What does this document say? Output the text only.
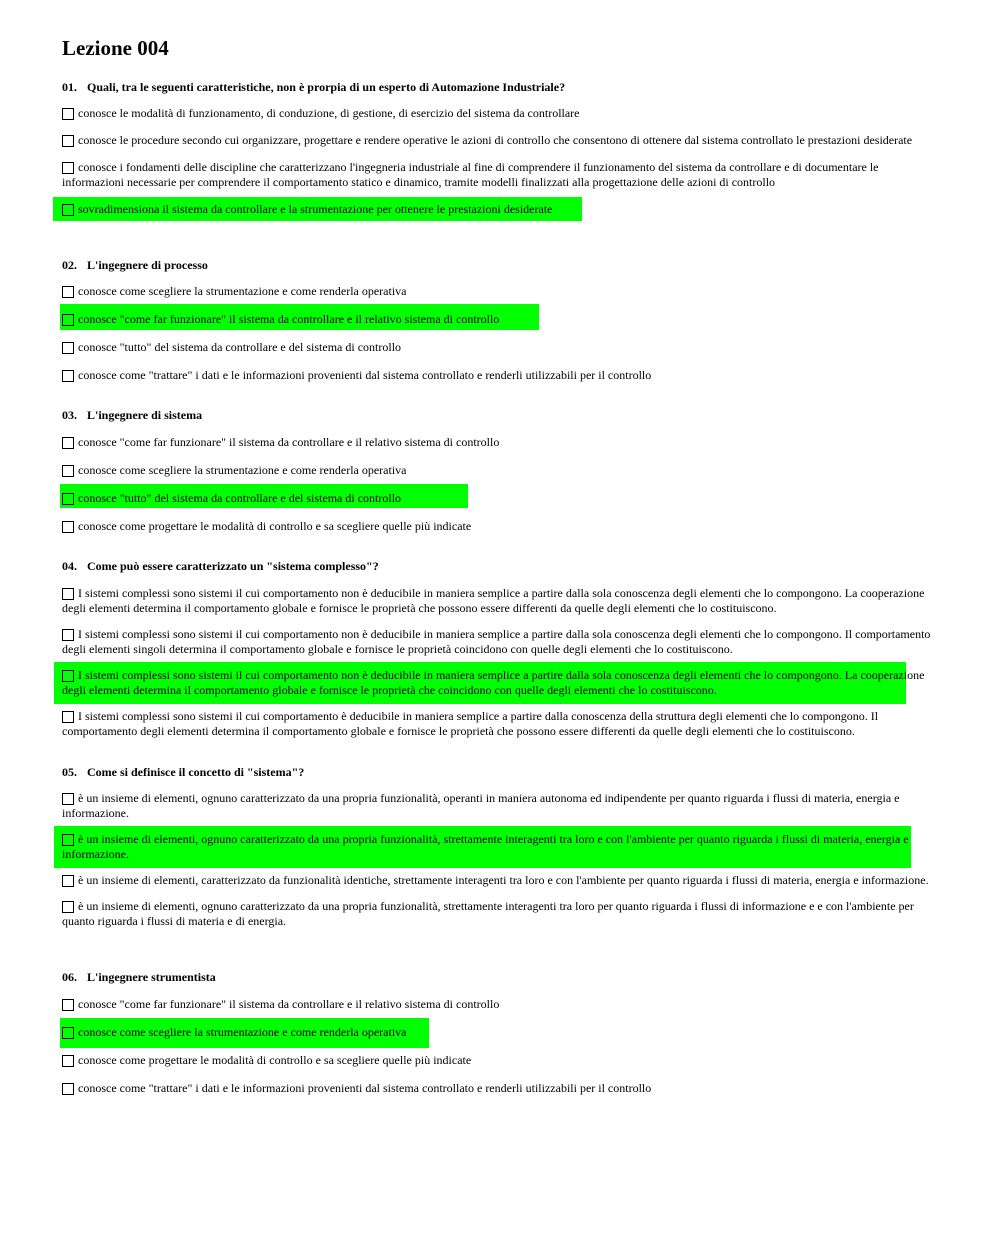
Lezione 004

01. Quali, tra le seguenti caratteristiche, non è prorpia di un esperto di Automazione Industriale?

conosce le modalità di funzionamento, di conduzione, di gestione, di esercizio del sistema da controllare
conosce le procedure secondo cui organizzare, progettare e rendere operative le azioni di controllo che consentono di ottenere dal sistema controllato le prestazioni desiderate
conosce i fondamenti delle discipline che caratterizzano l'ingegneria industriale al fine di comprendere il funzionamento del sistema da controllare e di documentare le informazioni necessarie per comprendere il comportamento statico e dinamico, tramite modelli finalizzati alla progettazione delle azioni di controllo
sovradimensiona il sistema da controllare e la strumentazione per ottenere le prestazioni desiderate

02. L'ingegnere di processo

conosce come scegliere la strumentazione e come renderla operativa
conosce "come far funzionare" il sistema da controllare e il relativo sistema di controllo
conosce "tutto" del sistema da controllare e del sistema di controllo
conosce come "trattare" i dati e le informazioni provenienti dal sistema controllato e renderli utilizzabili per il controllo

03. L'ingegnere di sistema

conosce "come far funzionare" il sistema da controllare e il relativo sistema di controllo
conosce come scegliere la strumentazione e come renderla operativa
conosce "tutto" del sistema da controllare e del sistema di controllo
conosce come progettare le modalità di controllo e sa scegliere quelle più indicate

04. Come può essere caratterizzato un "sistema complesso"?

I sistemi complessi sono sistemi il cui comportamento non è deducibile in maniera semplice a partire dalla sola conoscenza degli elementi che lo compongono. La cooperazione degli elementi determina il comportamento globale e fornisce le proprietà che possono essere differenti da quelle degli elementi che lo costituiscono.
I sistemi complessi sono sistemi il cui comportamento non è deducibile in maniera semplice a partire dalla sola conoscenza degli elementi che lo compongono. Il comportamento degli elementi singoli determina il comportamento globale e fornisce le proprietà coincidono con quelle degli elementi che lo costituiscono.
I sistemi complessi sono sistemi il cui comportamento non è deducibile in maniera semplice a partire dalla sola conoscenza degli elementi che lo compongono. La cooperazione degli elementi determina il comportamento globale e fornisce le proprietà che coincidono con quelle degli elementi che lo costituiscono.
I sistemi complessi sono sistemi il cui comportamento è deducibile in maniera semplice a partire dalla conoscenza della struttura degli elementi che lo compongono. Il comportamento degli elementi determina il comportamento globale e fornisce le proprietà che possono essere differenti da quelle degli elementi che lo costituiscono.

05. Come si definisce il concetto di "sistema"?

è un insieme di elementi, ognuno caratterizzato da una propria funzionalità, operanti in maniera autonoma ed indipendente per quanto riguarda i flussi di materia, energia e informazione.
è un insieme di elementi, ognuno caratterizzato da una propria funzionalità, strettamente interagenti tra loro e con l'ambiente per quanto riguarda i flussi di materia, energia e informazione.
è un insieme di elementi, caratterizzato da funzionalità identiche, strettamente interagenti tra loro e con l'ambiente per quanto riguarda i flussi di materia, energia e informazione.
è un insieme di elementi, ognuno caratterizzato da una propria funzionalità, strettamente interagenti tra loro per quanto riguarda i flussi di informazione e e con l'ambiente per quanto riguarda i flussi di materia e di energia.

06. L'ingegnere strumentista

conosce "come far funzionare" il sistema da controllare e il relativo sistema di controllo
conosce come scegliere la strumentazione e come renderla operativa
conosce come progettare le modalità di controllo e sa scegliere quelle più indicate
conosce come "trattare" i dati e le informazioni provenienti dal sistema controllato e renderli utilizzabili per il controllo
